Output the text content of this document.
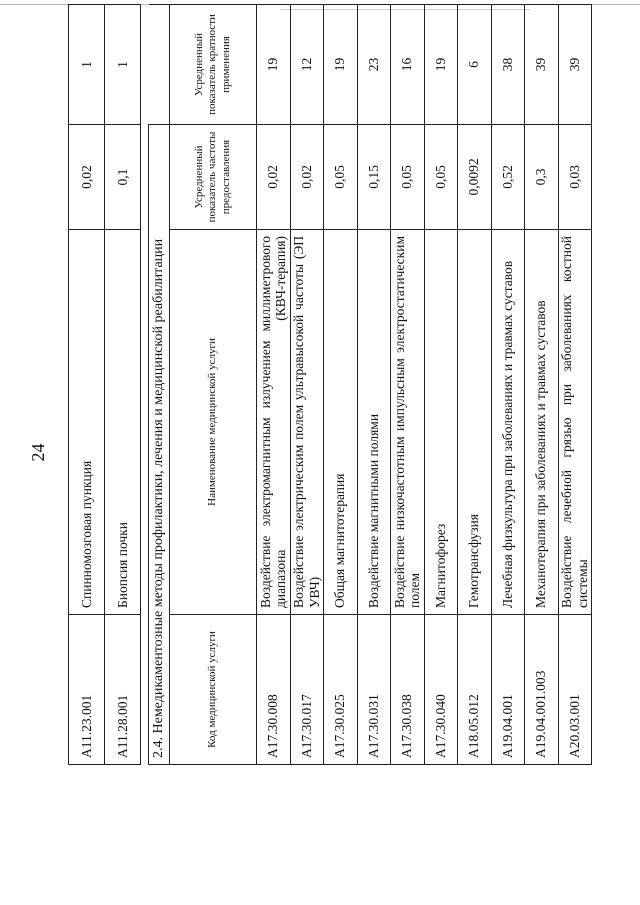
24
A11.23.001	Спинномозговая пункция	0,02	1
A11.28.001	Биопсия почки	0,1	1
2.4. Немедикаментозные методы профилактики, лечения и медицинской реабилитации			
Код медицинской услуги	Наименование медицинской услуги	Усредненный показатель частоты предоставления	Усредненный показатель кратности применения
A17.30.008	Воздействие электромагнитным излучением миллиметрового диапазона (КВЧ-терапия)	0,02	19
A17.30.017	Воздействие электрическим полем ультравысокой частоты (ЭП УВЧ)	0,02	12
A17.30.025	Общая магнитотерапия	0,05	19
A17.30.031	Воздействие магнитными полями	0,15	23
A17.30.038	Воздействие низкочастотным импульсным электростатическим полем	0,05	16
A17.30.040	Магнитофорез	0,05	19
A18.05.012	Гемотрансфузия	0,0092	6
A19.04.001	Лечебная физкультура при заболеваниях и травмах суставов	0,52	38
A19.04.001.003	Механотерапия при заболеваниях и травмах суставов	0,3	39
A20.03.001	Воздействие лечебной грязью при заболеваниях костной системы	0,03	39
